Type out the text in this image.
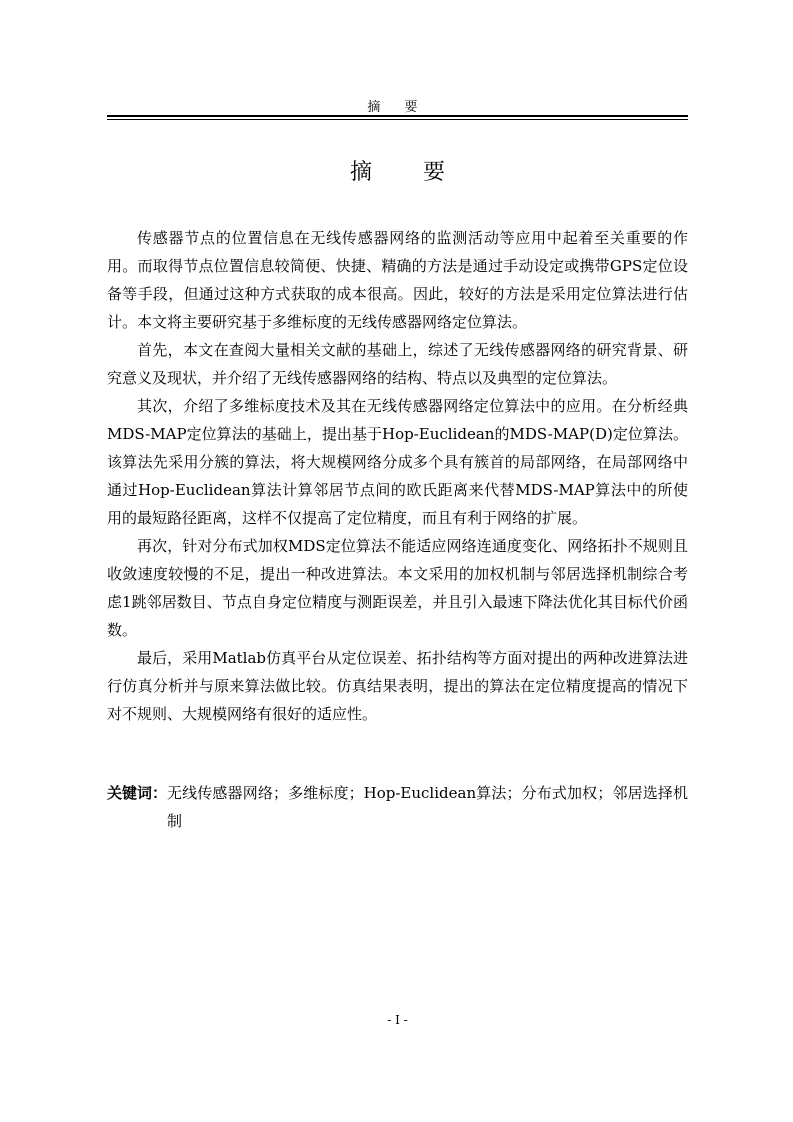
摘 要
摘 要

传感器节点的位置信息在无线传感器网络的监测活动等应用中起着至关重要的作用。而取得节点位置信息较简便、快捷、精确的方法是通过手动设定或携带GPS定位设备等手段，但通过这种方式获取的成本很高。因此，较好的方法是采用定位算法进行估计。本文将主要研究基于多维标度的无线传感器网络定位算法。

首先，本文在查阅大量相关文献的基础上，综述了无线传感器网络的研究背景、研究意义及现状，并介绍了无线传感器网络的结构、特点以及典型的定位算法。

其次，介绍了多维标度技术及其在无线传感器网络定位算法中的应用。在分析经典MDS-MAP定位算法的基础上，提出基于Hop-Euclidean的MDS-MAP(D)定位算法。该算法先采用分簇的算法，将大规模网络分成多个具有簇首的局部网络，在局部网络中通过Hop-Euclidean算法计算邻居节点间的欧氏距离来代替MDS-MAP算法中的所使用的最短路径距离，这样不仅提高了定位精度，而且有利于网络的扩展。

再次，针对分布式加权MDS定位算法不能适应网络连通度变化、网络拓扑不规则且收敛速度较慢的不足，提出一种改进算法。本文采用的加权机制与邻居选择机制综合考虑1跳邻居数目、节点自身定位精度与测距误差，并且引入最速下降法优化其目标代价函数。

最后，采用Matlab仿真平台从定位误差、拓扑结构等方面对提出的两种改进算法进行仿真分析并与原来算法做比较。仿真结果表明，提出的算法在定位精度提高的情况下对不规则、大规模网络有很好的适应性。

关键词： 无线传感器网络；多维标度；Hop-Euclidean算法；分布式加权；邻居选择机制
- I -
